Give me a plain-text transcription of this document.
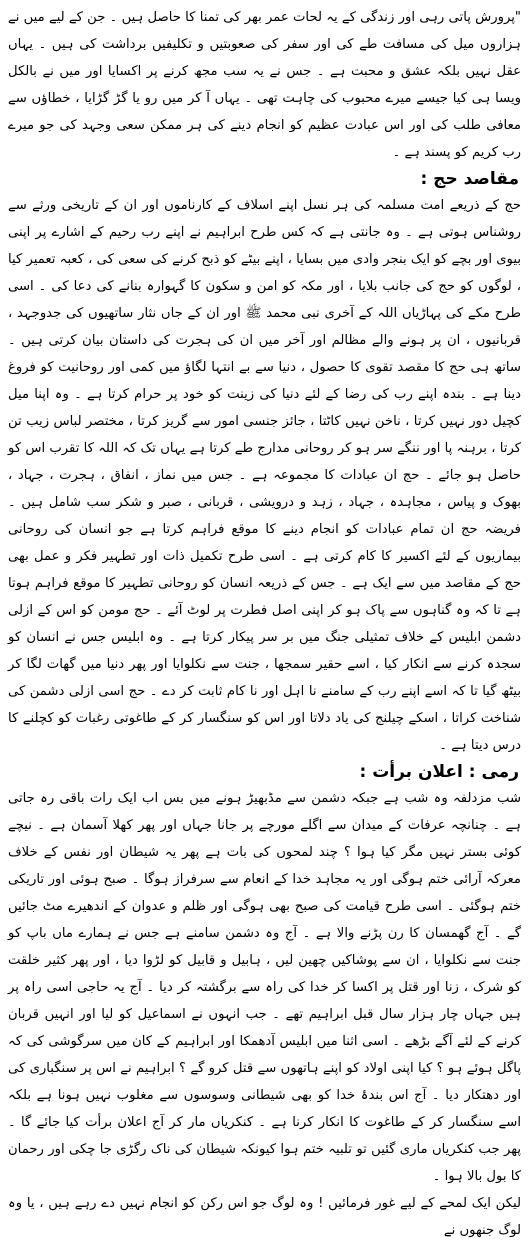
"پرورش پاتی رہی اور زندگی کے یہ لحات عمر بھر کی تمنا کا حاصل ہیں ۔ جن کے لیے میں نے ہزاروں میل کی مسافت طے کی اور سفر کی صعوبتیں و تکلیفیں برداشت کی ہیں ۔ یہاں عقل نہیں بلکہ عشق و محبت ہے ۔ جس نے یہ سب مجھ کرنے پر اکسایا اور میں نے بالکل ویسا ہی کیا جیسے میرے محبوب کی چاہت تھی ۔ یہاں آ کر میں رو یا گڑ گڑایا ، خطاؤں سے معافی طلب کی اور اس عبادت عظیم کو انجام دینے کی ہر ممکن سعی وجہد کی جو میرے رب کریم کو پسند ہے ۔

مقاصد حج :

حج کے ذریعے امت مسلمہ کی ہر نسل اپنے اسلاف کے کارناموں اور ان کے تاریخی ورثے سے روشناس ہوتی ہے ۔ وہ جانتی ہے کہ کس طرح ابراہیم نے اپنے رب رحیم کے اشارے پر اپنی بیوی اور بچے کو ایک بنجر وادی میں بسایا ، اپنے بیٹے کو ذبح کرنے کی سعی کی ، کعبہ تعمیر کیا ، لوگوں کو حج کی جانب بلایا ، اور مکہ کو امن و سکون کا گہوارہ بنانے کی دعا کی ۔ اسی طرح مکے کی پہاڑیاں اللہ کے آخری نبی محمد ﷺ اور ان کے جاں نثار ساتھیوں کی جدوجہد ، قربانیوں ، ان پر ہونے والے مظالم اور آخر میں ان کی ہجرت کی داستان بیان کرتی ہیں ۔ ساتھ ہی حج کا مقصد تقوی کا حصول ، دنیا سے بے انتہا لگاؤ میں کمی اور روحانیت کو فروغ دینا ہے ۔ بندہ اپنے رب کی رضا کے لئے دنیا کی زینت کو خود پر حرام کرتا ہے ۔ وہ اپنا میل کچیل دور نہیں کرتا ، ناخن نہیں کاٹتا ، جائز جنسی امور سے گریز کرتا ، مختصر لباس زیب تن کرتا ، برہنہ پا اور ننگے سر ہو کر روحانی مدارج طے کرتا ہے یہاں تک کہ اللہ کا تقرب اس کو حاصل ہو جائے ۔ حج ان عبادات کا مجموعہ ہے ۔ جس میں نماز ، انفاق ، ہجرت ، جہاد ، بھوک و پیاس ، مجاہدہ ، جہاد ، زہد و درویشی ، قربانی ، صبر و شکر سب شامل ہیں ۔ فریضہ حج ان تمام عبادات کو انجام دینے کا موقع فراہم کرتا ہے جو انسان کی روحانی بیماریوں کے لئے اکسیر کا کام کرتی ہے ۔ اسی طرح تکمیل ذات اور تطہیر فکر و عمل بھی حج کے مقاصد میں سے ایک ہے ۔ جس کے ذریعہ انسان کو روحانی تطہیر کا موقع فراہم ہوتا ہے تا کہ وہ گناہوں سے پاک ہو کر اپنی اصل فطرت پر لوٹ آئے ۔ حج مومن کو اس کے ازلی دشمن ابلیس کے خلاف تمثیلی جنگ میں بر سر پیکار کرتا ہے ۔ وہ ابلیس جس نے انسان کو سجدہ کرنے سے انکار کیا ، اسے حقیر سمجھا ، جنت سے نکلوایا اور پھر دنیا میں گھات لگا کر بیٹھ گیا تا کہ اسے اپنے رب کے سامنے نا اہل اور نا کام ثابت کر دے ۔ حج اسی ازلی دشمن کی شناخت کراتا ، اسکے چیلنج کی یاد دلاتا اور اس کو سنگسار کر کے طاغوتی رغبات کو کچلنے کا درس دیتا ہے ۔

رمی : اعلان برأت :

شب مزدلفہ وہ شب ہے جبکہ دشمن سے مڈبھیڑ ہونے میں بس اب ایک رات باقی رہ جاتی ہے ۔ چنانچہ عرفات کے میدان سے اگلے مورچے پر جانا جہاں اور پھر کھلا آسمان ہے ۔ نیچے کوئی بستر نہیں مگر کیا ہوا ؟ چند لمحوں کی بات ہے پھر یہ شیطان اور نفس کے خلاف معرکہ آرائی ختم ہوگی اور یہ مجاہد خدا کے انعام سے سرفراز ہوگا ۔ صبح ہوئی اور تاریکی ختم ہوگئی ۔ اسی طرح قیامت کی صبح بھی ہوگی اور ظلم و عدوان کے اندھیرے مٹ جائیں گے ۔ آج گھمسان کا رن پڑنے والا ہے ۔ آج وہ دشمن سامنے ہے جس نے ہمارے ماں باپ کو جنت سے نکلوایا ، ان سے پوشاکیں چھین لیں ، ہابیل و قابیل کو لڑوا دیا ، اور پھر کثیر خلقت کو شرک ، زنا اور قتل پر اکسا کر خدا کی راہ سے برگشتہ کر دیا ۔ آج یہ حاجی اسی راہ پر ہیں جہاں چار ہزار سال قبل ابراہیم تھے ۔ جب انہوں نے اسماعیل کو لیا اور انہیں قربان کرنے کے لئے آگے بڑھے ۔ اسی اثنا میں ابلیس آدھمکا اور ابراہیم کے کان میں سرگوشی کی کہ پاگل ہوئے ہو ؟ کیا اپنی اولاد کو اپنے ہاتھوں سے قتل کرو گے ؟ ابراہیم نے اس پر سنگباری کی اور دھتکار دیا ۔ آج اس بندۂ خدا کو بھی شیطانی وسوسوں سے مغلوب نہیں ہونا ہے بلکہ اسے سنگسار کر کے طاغوت کا انکار کرنا ہے ۔ کنکریاں مار کر آج اعلان برأت کیا جائے گا ۔ پھر جب کنکریاں ماری گئیں تو تلبیہ ختم ہوا کیونکہ شیطان کی ناک رگڑی جا چکی اور رحمان کا بول بالا ہوا ۔

لیکن ایک لمحے کے لیے غور فرمائیں ! وہ لوگ جو اس رکن کو انجام نہیں دے رہے ہیں ، یا وہ لوگ جنھوں نے
